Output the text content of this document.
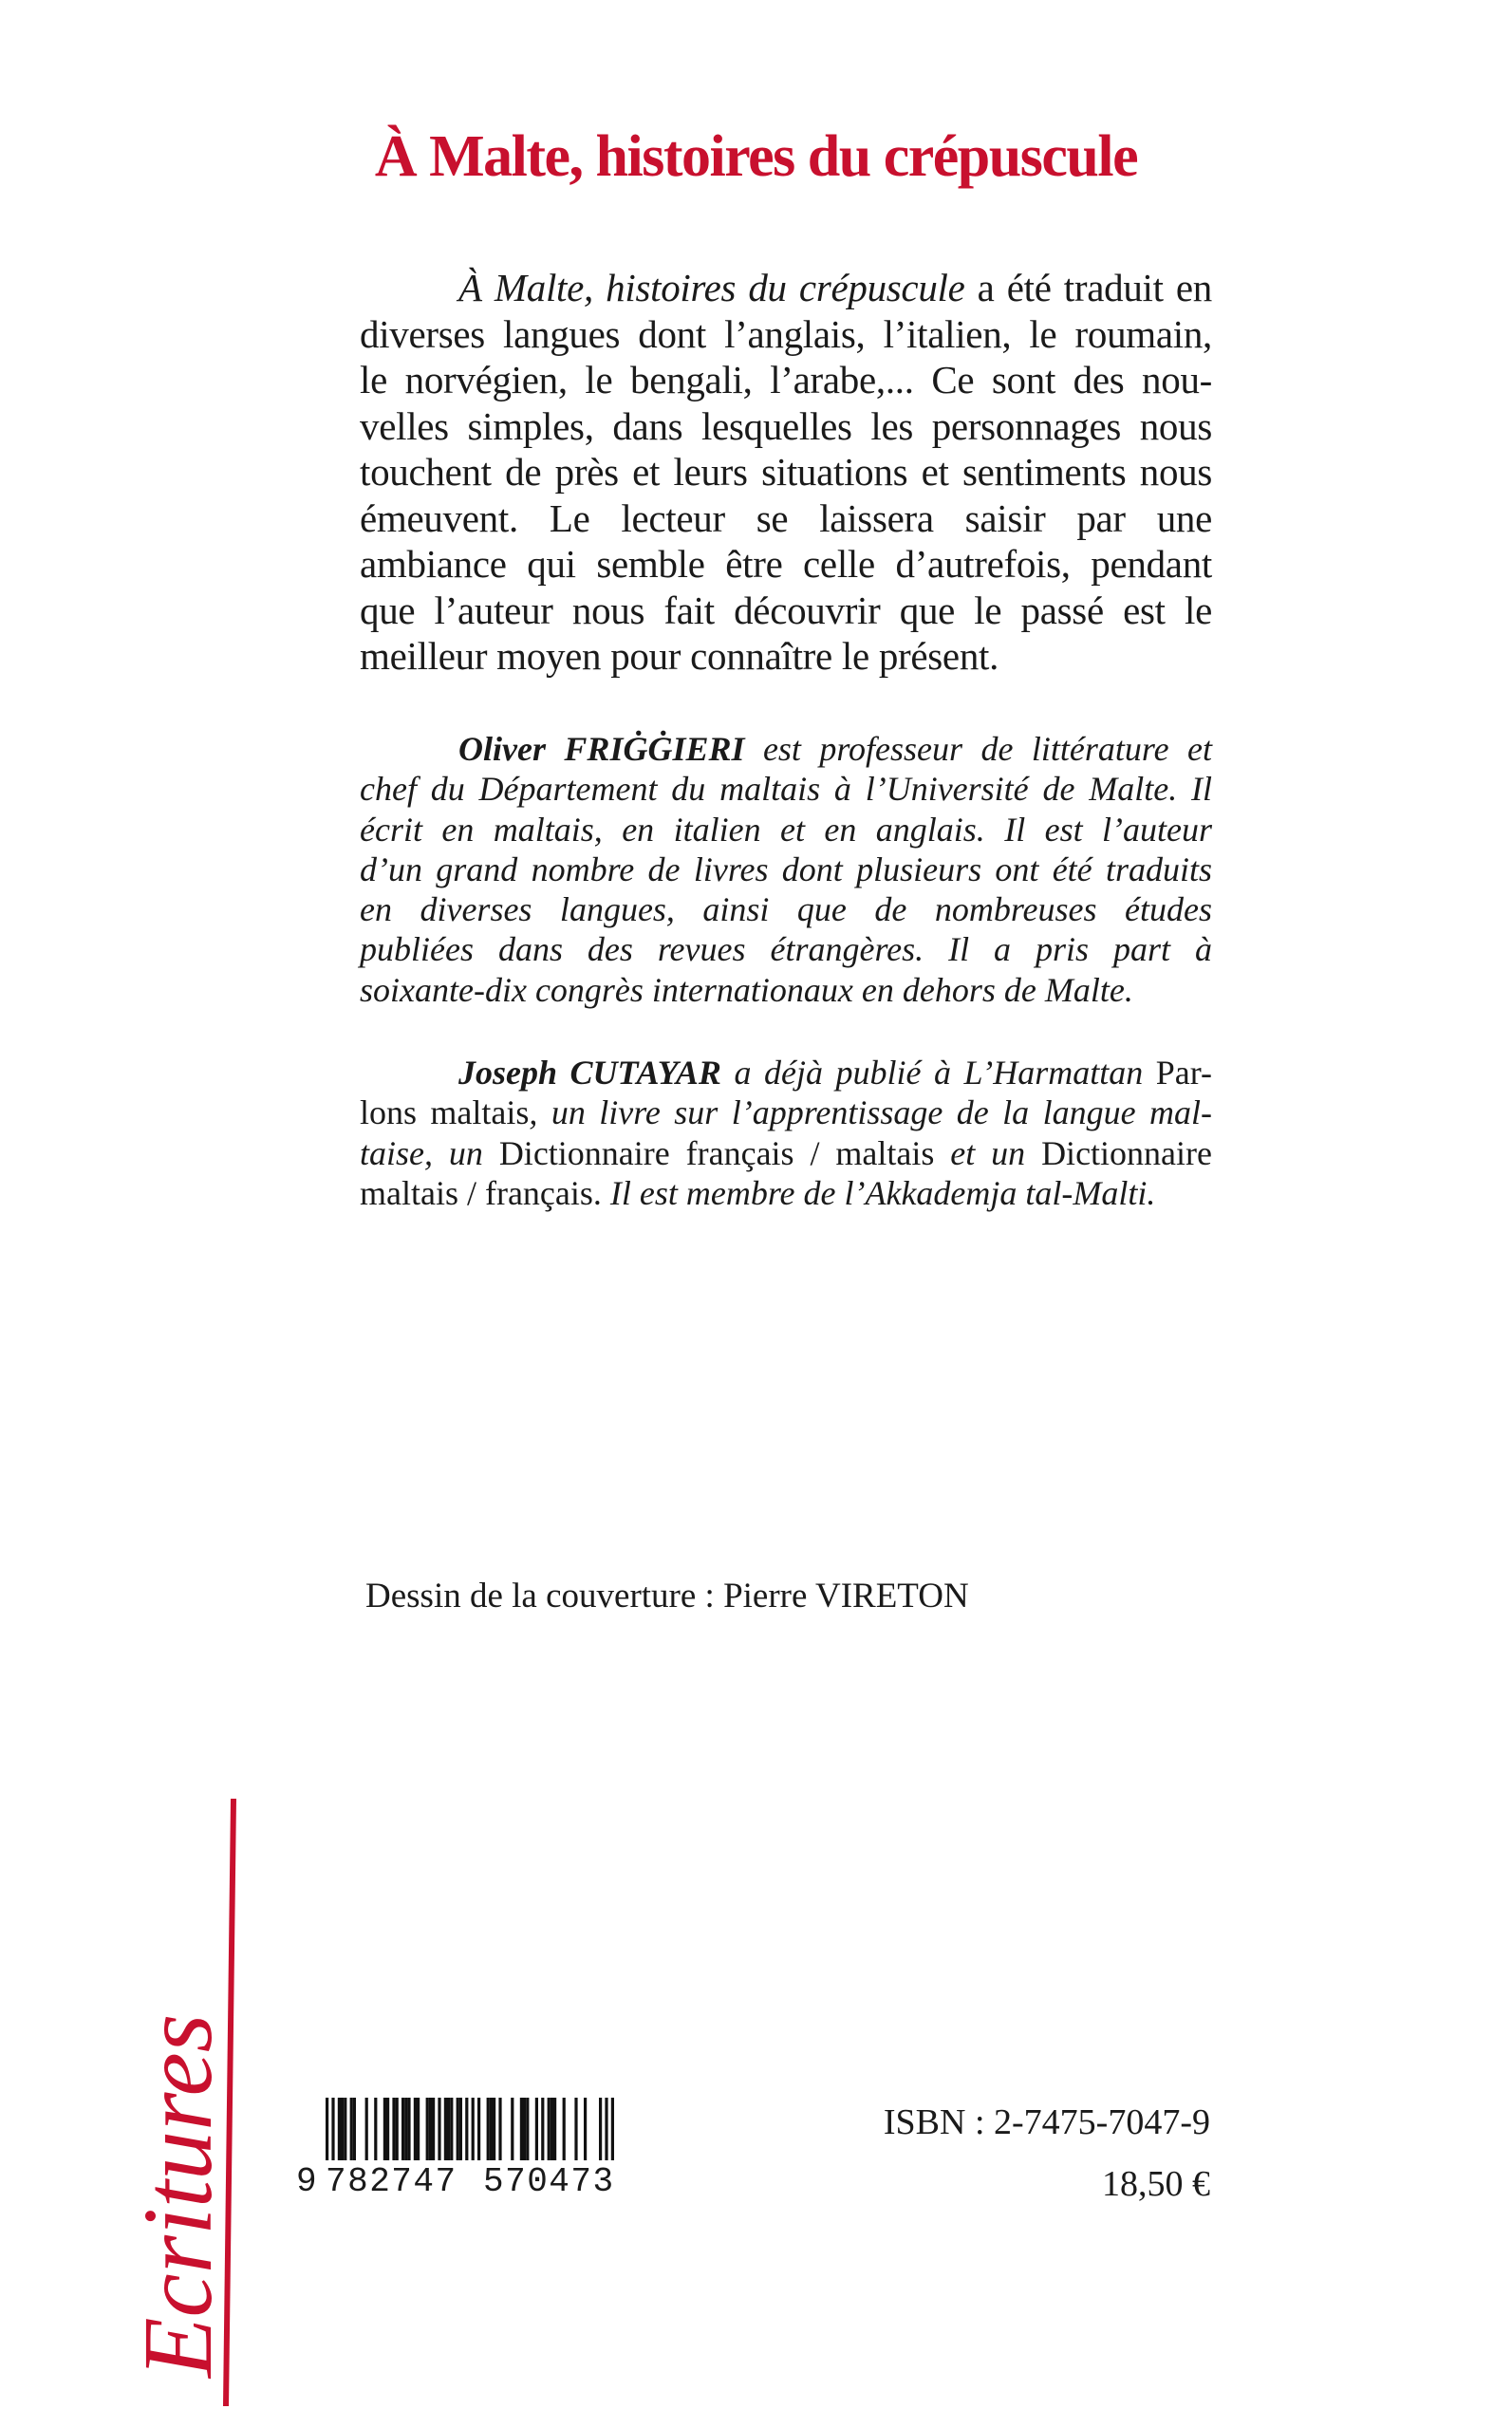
À Malte, histoires du crépuscule
À Malte, histoires du crépuscule a été traduit en
diverses langues dont l’anglais, l’italien, le roumain,
le norvégien, le bengali, l’arabe,... Ce sont des nou-
velles simples, dans lesquelles les personnages nous
touchent de près et leurs situations et sentiments nous
émeuvent. Le lecteur se laissera saisir par une
ambiance qui semble être celle d’autrefois, pendant
que l’auteur nous fait découvrir que le passé est le
meilleur moyen pour connaître le présent.
Oliver FRIĠĠIERI est professeur de littérature et
chef du Département du maltais à l’Université de Malte. Il
écrit en maltais, en italien et en anglais. Il est l’auteur
d’un grand nombre de livres dont plusieurs ont été traduits
en diverses langues, ainsi que de nombreuses études
publiées dans des revues étrangères. Il a pris part à
soixante-dix congrès internationaux en dehors de Malte.
Joseph CUTAYAR a déjà publié à L’Harmattan Par-
lons maltais, un livre sur l’apprentissage de la langue mal-
taise, un Dictionnaire français / maltais et un Dictionnaire
maltais / français. Il est membre de l’Akkademja tal-Malti.
Dessin de la couverture : Pierre VIRETON
Ecritures 9 782747 570473
ISBN : 2-7475-7047-9
18,50 €
